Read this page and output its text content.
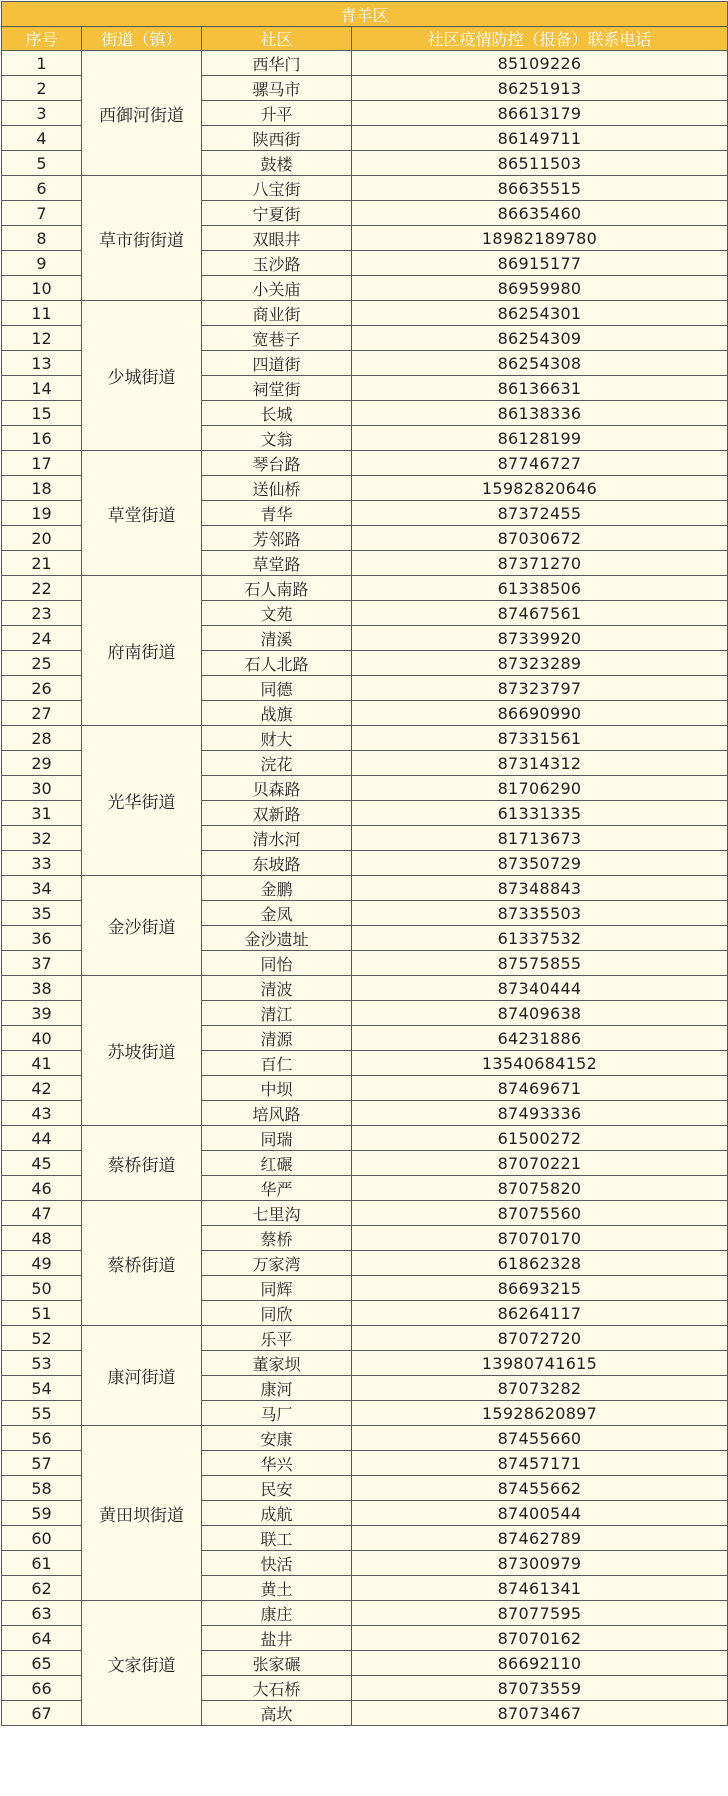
青羊区			
序号	街道（镇）	社区	社区疫情防控（报备）联系电话
1	西御河街道	西华门	85109226
2		骡马市	86251913
3		升平	86613179
4		陕西街	86149711
5		鼓楼	86511503
6	草市街街道	八宝街	86635515
7		宁夏街	86635460
8		双眼井	18982189780
9		玉沙路	86915177
10		小关庙	86959980
11	少城街道	商业街	86254301
12		宽巷子	86254309
13		四道街	86254308
14		祠堂街	86136631
15		长城	86138336
16		文翁	86128199
17	草堂街道	琴台路	87746727
18		送仙桥	15982820646
19		青华	87372455
20		芳邻路	87030672
21		草堂路	87371270
22	府南街道	石人南路	61338506
23		文苑	87467561
24		清溪	87339920
25		石人北路	87323289
26		同德	87323797
27		战旗	86690990
28	光华街道	财大	87331561
29		浣花	87314312
30		贝森路	81706290
31		双新路	61331335
32		清水河	81713673
33		东坡路	87350729
34	金沙街道	金鹏	87348843
35		金凤	87335503
36		金沙遗址	61337532
37		同怡	87575855
38	苏坡街道	清波	87340444
39		清江	87409638
40		清源	64231886
41		百仁	13540684152
42		中坝	87469671
43		培风路	87493336
44	蔡桥街道	同瑞	61500272
45		红碾	87070221
46		华严	87075820
47	蔡桥街道	七里沟	87075560
48		蔡桥	87070170
49		万家湾	61862328
50		同辉	86693215
51		同欣	86264117
52	康河街道	乐平	87072720
53		董家坝	13980741615
54		康河	87073282
55		马厂	15928620897
56	黄田坝街道	安康	87455660
57		华兴	87457171
58		民安	87455662
59		成航	87400544
60		联工	87462789
61		快活	87300979
62		黄土	87461341
63	文家街道	康庄	87077595
64		盐井	87070162
65		张家碾	86692110
66		大石桥	87073559
67		高坎	87073467
